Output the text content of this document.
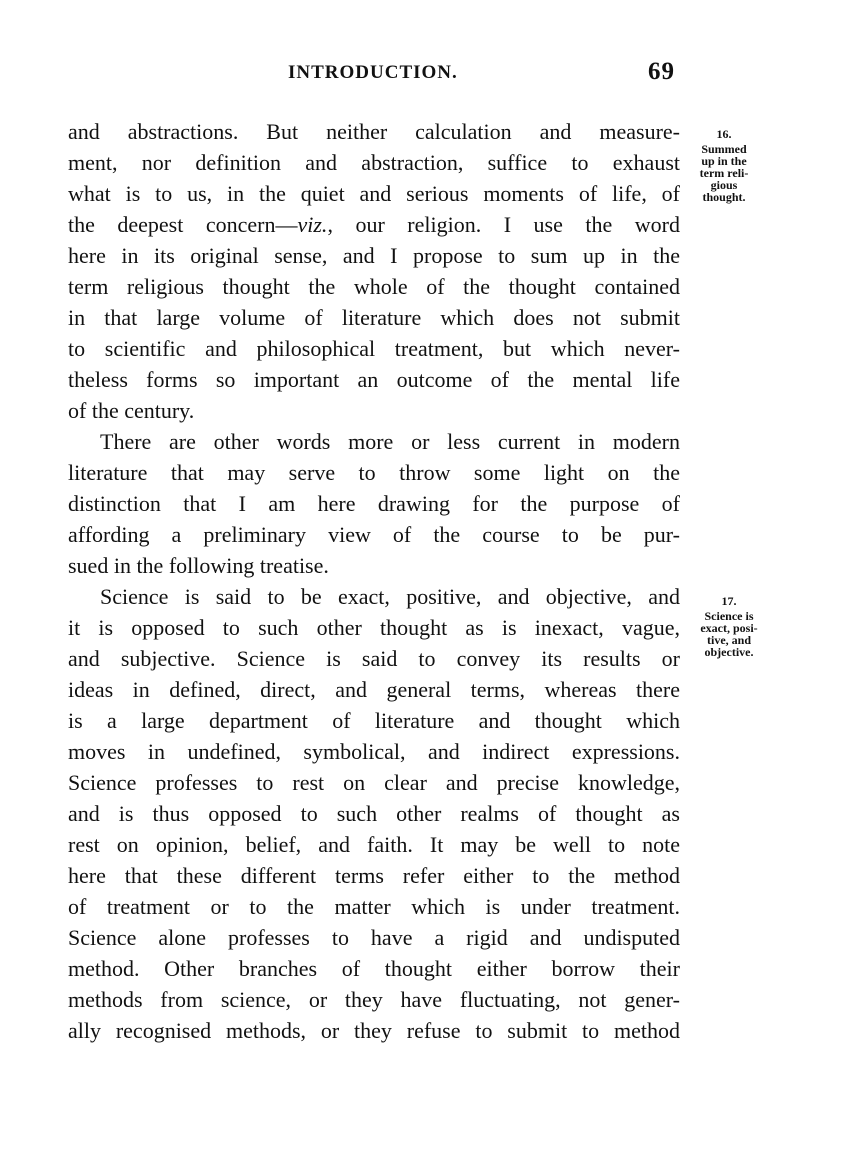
INTRODUCTION.	69
and abstractions. But neither calculation and measure-
ment, nor definition and abstraction, suffice to exhaust
what is to us, in the quiet and serious moments of life, of
the deepest concern—viz., our religion. I use the word
here in its original sense, and I propose to sum up in the
term religious thought the whole of the thought contained
in that large volume of literature which does not submit
to scientific and philosophical treatment, but which never-
theless forms so important an outcome of the mental life
of the century.
There are other words more or less current in modern
literature that may serve to throw some light on the
distinction that I am here drawing for the purpose of
affording a preliminary view of the course to be pur-
sued in the following treatise.
Science is said to be exact, positive, and objective, and
it is opposed to such other thought as is inexact, vague,
and subjective. Science is said to convey its results or
ideas in defined, direct, and general terms, whereas there
is a large department of literature and thought which
moves in undefined, symbolical, and indirect expressions.
Science professes to rest on clear and precise knowledge,
and is thus opposed to such other realms of thought as
rest on opinion, belief, and faith. It may be well to note
here that these different terms refer either to the method
of treatment or to the matter which is under treatment.
Science alone professes to have a rigid and undisputed
method. Other branches of thought either borrow their
methods from science, or they have fluctuating, not gener-
ally recognised methods, or they refuse to submit to method
16.
Summed
up in the
term reli-
gious
thought.
17.
Science is
exact, posi-
tive, and
objective.
